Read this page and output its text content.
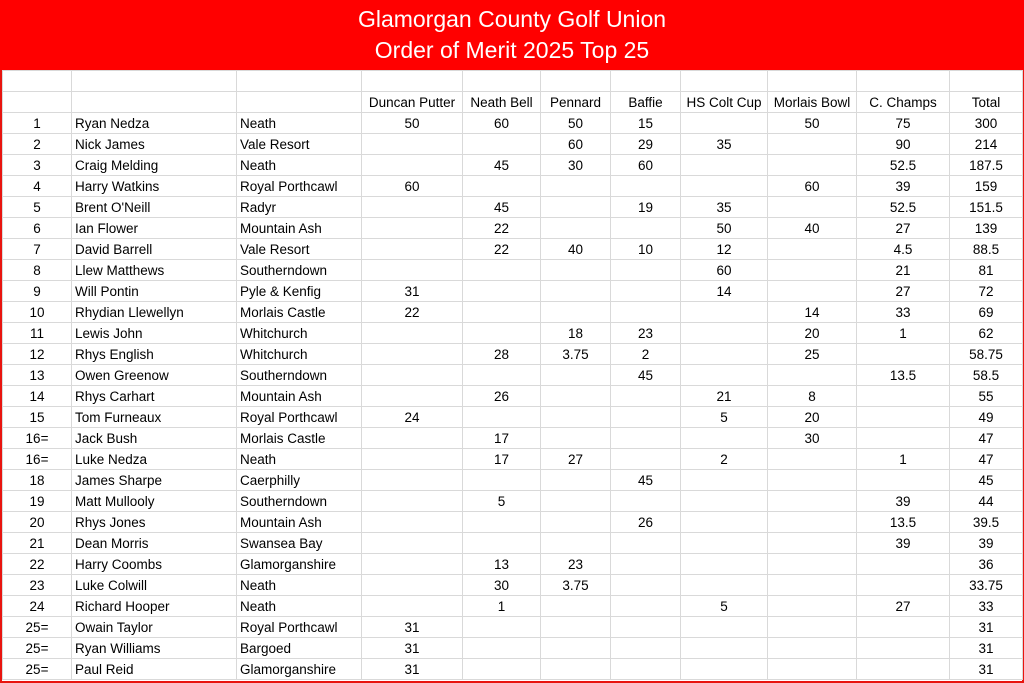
Glamorgan County Golf Union
Order of Merit 2025 Top 25

			Duncan Putter	Neath Bell	Pennard	Baffie	HS Colt Cup	Morlais Bowl	C. Champs	Total
1	Ryan Nedza	Neath	50	60	50	15		50	75	300
2	Nick James	Vale Resort			60	29	35		90	214
3	Craig Melding	Neath		45	30	60			52.5	187.5
4	Harry Watkins	Royal Porthcawl	60					60	39	159
5	Brent O'Neill	Radyr		45		19	35		52.5	151.5
6	Ian Flower	Mountain Ash		22			50	40	27	139
7	David Barrell	Vale Resort		22	40	10	12		4.5	88.5
8	Llew Matthews	Southerndown					60		21	81
9	Will Pontin	Pyle & Kenfig	31				14		27	72
10	Rhydian Llewellyn	Morlais Castle	22					14	33	69
11	Lewis John	Whitchurch			18	23		20	1	62
12	Rhys English	Whitchurch		28	3.75	2		25		58.75
13	Owen Greenow	Southerndown				45			13.5	58.5
14	Rhys Carhart	Mountain Ash		26			21	8		55
15	Tom Furneaux	Royal Porthcawl	24				5	20		49
16=	Jack Bush	Morlais Castle		17				30		47
16=	Luke Nedza	Neath		17	27		2		1	47
18	James Sharpe	Caerphilly				45				45
19	Matt Mullooly	Southerndown		5					39	44
20	Rhys Jones	Mountain Ash				26			13.5	39.5
21	Dean Morris	Swansea Bay							39	39
22	Harry Coombs	Glamorganshire		13	23					36
23	Luke Colwill	Neath		30	3.75					33.75
24	Richard Hooper	Neath		1			5		27	33
25=	Owain Taylor	Royal Porthcawl	31							31
25=	Ryan Williams	Bargoed	31							31
25=	Paul Reid	Glamorganshire	31							31
